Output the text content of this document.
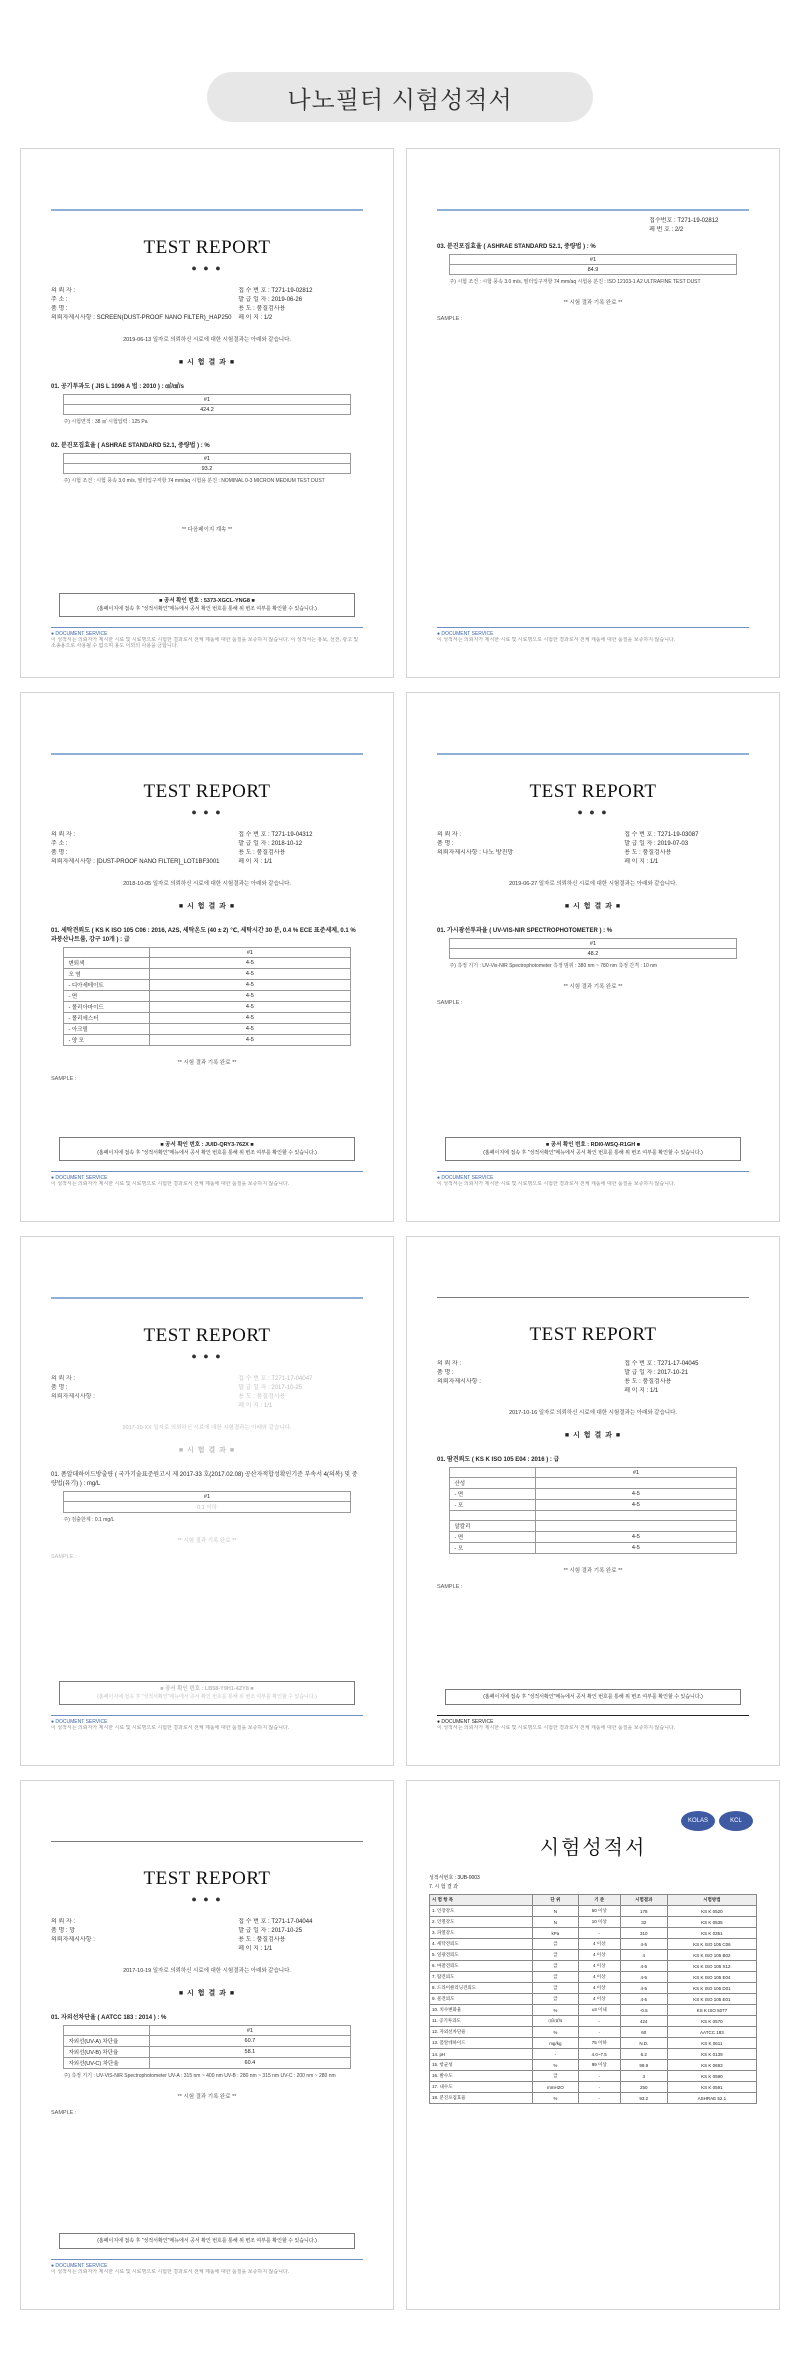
나노필터 시험성적서
TEST REPORT
● ● ●
의 뢰 자 :
주 소 :
품 명 :
의뢰자제시사항 : SCREEN(DUST-PROOF NANO FILTER)_HAP250
접 수 번 호 : T271-19-02812
발 급 일 자 : 2019-06-26
용 도 : 품질검사용
페 이 지 : 1/2
2019-06-13 일자로 의뢰하신 시료에 대한 시험결과는 아래와 같습니다.
■ 시 험 결 과 ■
01. 공기투과도 ( JIS L 1096 A 법 : 2010 ) : ㎤/㎠/s
#1
424.2
주) 시험면적 : 38 ㎠ 시험압력 : 125 Pa
02. 분진포집효율 ( ASHRAE STANDARD 52.1, 중량법 ) : %
#1
93.2
주) 시험 조건 : 시험 풍속 3.0 m/s, 필터입구저항 74 mm/aq 시험용 분진 : NOMINAL 0-3 MICRON MEDIUM TEST DUST
** 다음페이지 계속 **
■ 공서 확인 번호 : 5373-XGCL-YNG8 ■
(홈페이지에 접속 후 "성적서확인"메뉴에서 공서 확인 번호를 통해 위 변조 여부를 확인할 수 있습니다.)
● DOCUMENT SERVICE
이 성적서는 의뢰자가 제시한 시료 및 시료명으로 시험한 결과로서 전체 제품에 대한 품질을 보증하지 않습니다. 이 성적서는 홍보, 선전, 광고 및 소송용으로 사용될 수 없으며 용도 이외의 사용을 금합니다.
접수번호 : T271-19-02812
페 번 호 : 2/2
03. 분진포집효율 ( ASHRAE STANDARD 52.1, 중량법 ) : %
#1
84.9
주) 시험 조건 : 시험 풍속 3.0 m/s, 필터입구저항 74 mm/aq 시험용 분진 : ISO 12103-1 A2 ULTRAFINE TEST DUST
** 시험 결과 기록 완료 **
SAMPLE :
● DOCUMENT SERVICE
이 성적서는 의뢰자가 제시한 시료 및 시료명으로 시험한 결과로서 전체 제품에 대한 품질을 보증하지 않습니다.
TEST REPORT
● ● ●
의 뢰 자 :
주 소 :
품 명 :
의뢰자제시사항 : [DUST-PROOF NANO FILTER]_LOT1BF3001
접 수 번 호 : T271-19-04312
발 급 일 자 : 2018-10-12
용 도 : 품질검사용
페 이 지 : 1/1
2018-10-05 일자로 의뢰하신 시료에 대한 시험결과는 아래와 같습니다.
■ 시 험 결 과 ■
01. 세탁견뢰도 ( KS K ISO 105 C06 : 2016, A2S, 세탁온도 (40 ± 2) ℃, 세탁시간 30 분, 0.4 % ECE 표준세제, 0.1 % 과붕산나트륨, 강구 10개 ) : 급
	#1
변퇴색	4-5
오 염	4-5
- 디아세테이트	4-5
- 면	4-5
- 폴리아마이드	4-5
- 폴리에스터	4-5
- 아크릴	4-5
- 양 모	4-5
** 시험 결과 기록 완료 **
SAMPLE :
■ 공서 확인 번호 : JUID-QRY3-762X ■
(홈페이지에 접속 후 "성적서확인"메뉴에서 공서 확인 번호를 통해 위 변조 여부를 확인할 수 있습니다.)
● DOCUMENT SERVICE
이 성적서는 의뢰자가 제시한 시료 및 시료명으로 시험한 결과로서 전체 제품에 대한 품질을 보증하지 않습니다.
TEST REPORT
● ● ●
의 뢰 자 :
품 명 :
의뢰자제시사항 : 나노 방진망
접 수 번 호 : T271-19-03087
발 급 일 자 : 2019-07-03
용 도 : 품질검사용
페 이 지 : 1/1
2019-06-27 일자로 의뢰하신 시료에 대한 시험결과는 아래와 같습니다.
■ 시 험 결 과 ■
01. 가시광선투과율 ( UV-VIS-NIR SPECTROPHOTOMETER ) : %
#1
48.2
주) 측정 기기 : UV-Vis-NIR Spectrophotometer 측정 범위 : 380 nm ~ 780 nm 측정 간격 : 10 nm
** 시험 결과 기록 완료 **
SAMPLE :
■ 공서 확인 번호 : RDI0-WSQ-R1GH ■
(홈페이지에 접속 후 "성적서확인"메뉴에서 공서 확인 번호를 통해 위 변조 여부를 확인할 수 있습니다.)
● DOCUMENT SERVICE
이 성적서는 의뢰자가 제시한 시료 및 시료명으로 시험한 결과로서 전체 제품에 대한 품질을 보증하지 않습니다.
TEST REPORT
● ● ●
의 뢰 자 :
품 명 :
의뢰자제시사항 :
접 수 번 호 : T271-17-04047
발 급 일 자 : 2017-10-25
용 도 : 품질검사용
페 이 지 : 1/1
2017-10-XX 일자로 의뢰하신 시료에 대한 시험결과는 아래와 같습니다.
■ 시 험 결 과 ■
01. 폼알데하이드방출량 ( 국가기술표준원고시 제 2017-33 호(2017.02.08) 공산자적합성확인기준 부속서 4(의복) 및 중량법(유기) ) : mg/L
#1
0.1 이하
주) 검출한계 : 0.1 mg/L
** 시험 결과 기록 완료 **
SAMPLE :
■ 공서 확인 번호 : LB58-Y9H1-4ZY8 ■
(홈페이지에 접속 후 "성적서확인"메뉴에서 공서 확인 번호를 통해 위 변조 여부를 확인할 수 있습니다.)
● DOCUMENT SERVICE
이 성적서는 의뢰자가 제시한 시료 및 시료명으로 시험한 결과로서 전체 제품에 대한 품질을 보증하지 않습니다.
TEST REPORT
의 뢰 자 :
품 명 :
의뢰자제시사항 :
접 수 번 호 : T271-17-04045
발 급 일 자 : 2017-10-21
용 도 : 품질검사용
페 이 지 : 1/1
2017-10-16 일자로 의뢰하신 시료에 대한 시험결과는 아래와 같습니다.
■ 시 험 결 과 ■
01. 땀견뢰도 ( KS K ISO 105 E04 : 2016 ) : 급
	#1
산성	
- 면	4-5
- 모	4-5

알칼리	
- 면	4-5
- 모	4-5
** 시험 결과 기록 완료 **
SAMPLE :
(홈페이지에 접속 후 "성적서확인"메뉴에서 공서 확인 번호를 통해 위 변조 여부를 확인할 수 있습니다.)
● DOCUMENT SERVICE
이 성적서는 의뢰자가 제시한 시료 및 시료명으로 시험한 결과로서 전체 제품에 대한 품질을 보증하지 않습니다.
TEST REPORT
● ● ●
의 뢰 자 :
품 명 : 망
의뢰자제시사항 :
접 수 번 호 : T271-17-04044
발 급 일 자 : 2017-10-25
용 도 : 품질검사용
페 이 지 : 1/1
2017-10-19 일자로 의뢰하신 시료에 대한 시험결과는 아래와 같습니다.
■ 시 험 결 과 ■
01. 자외선차단율 ( AATCC 183 : 2014 ) : %
	#1
자외선(UV-A) 차단율	60.7
자외선(UV-B) 차단율	58.1
자외선(UV-C) 차단율	60.4
주) 측정 기기 : UV-VIS-NIR Spectrophotometer UV-A : 315 nm ~ 400 nm UV-B : 280 nm ~ 315 nm UV-C : 200 nm ~ 280 nm
** 시험 결과 기록 완료 **
SAMPLE :
(홈페이지에 접속 후 "성적서확인"메뉴에서 공서 확인 번호를 통해 위 변조 여부를 확인할 수 있습니다.)
● DOCUMENT SERVICE
이 성적서는 의뢰자가 제시한 시료 및 시료명으로 시험한 결과로서 전체 제품에 대한 품질을 보증하지 않습니다.
KOLAS	KCL
시험성적서
성적서번호 : 3UB-0003
7. 시 험 결 과
시 험 항 목	단 위	기 준	시험결과	시험방법
1. 인장강도	N	50 이상	178	KS K 0520
2. 인열강도	N	10 이상	32	KS K 0535
3. 파열강도	kPa	-	310	KS K 0351
4. 세탁견뢰도	급	4 이상	4-5	KS K ISO 105 C06
5. 일광견뢰도	급	4 이상	4	KS K ISO 105 B02
6. 마찰견뢰도	급	4 이상	4-5	KS K ISO 105 X12
7. 땀견뢰도	급	4 이상	4-5	KS K ISO 105 E04
8. 드라이클리닝견뢰도	급	4 이상	4-5	KS K ISO 105 D01
9. 물견뢰도	급	4 이상	4-5	KS K ISO 105 E01
10. 치수변화율	%	±3 이내	-0.5	KS K ISO 5077
11. 공기투과도	㎤/㎠/s	-	424	KS K 0570
12. 자외선차단율	%	-	60	AATCC 183
13. 폼알데하이드	mg/kg	75 이하	N.D.	KS K 0611
14. pH	-	4.0~7.5	6.2	KS K 0139
15. 항균성	%	99 이상	99.9	KS K 0693
16. 발수도	급	-	3	KS K 0590
17. 내수도	mmH2O	-	250	KS K 0591
18. 분진포집효율	%	-	93.2	ASHRAE 52.1
